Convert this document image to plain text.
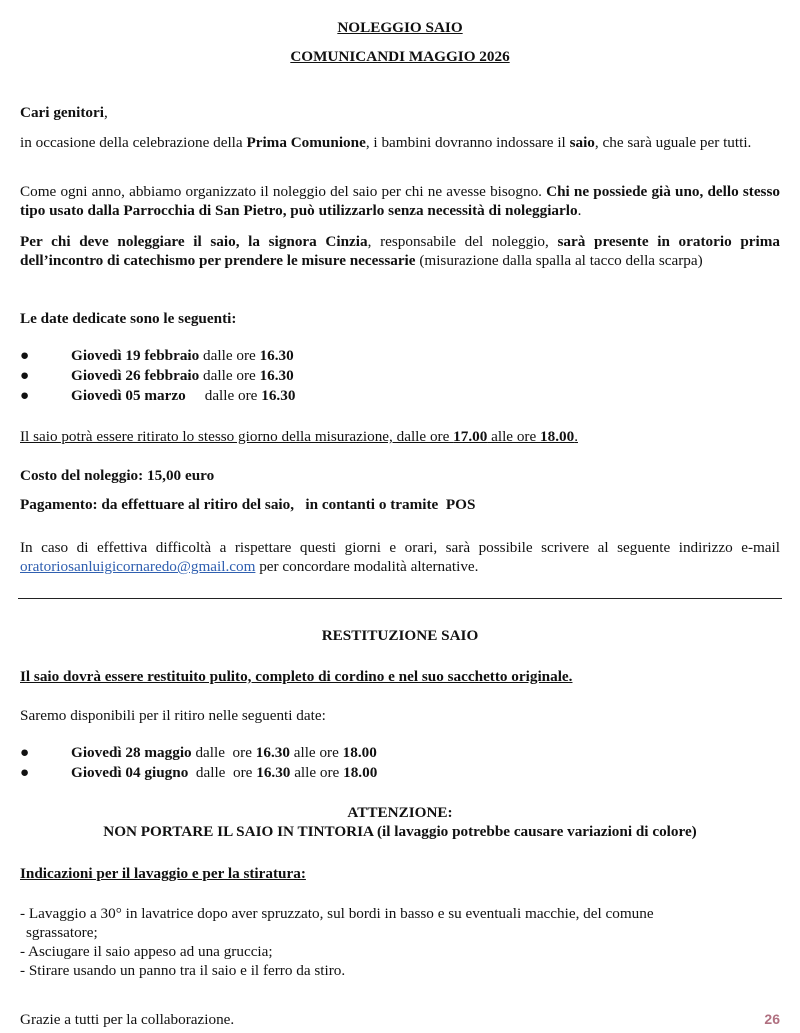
NOLEGGIO SAIO
COMUNICANDI MAGGIO 2026
Cari genitori,
in occasione della celebrazione della Prima Comunione, i bambini dovranno indossare il saio, che sarà uguale per tutti.
Come ogni anno, abbiamo organizzato il noleggio del saio per chi ne avesse bisogno. Chi ne possiede già uno, dello stesso tipo usato dalla Parrocchia di San Pietro, può utilizzarlo senza necessità di noleggiarlo.
Per chi deve noleggiare il saio, la signora Cinzia, responsabile del noleggio, sarà presente in oratorio prima dell’incontro di catechismo per prendere le misure necessarie (misurazione dalla spalla al tacco della scarpa)
Le date dedicate sono le seguenti:
●	Giovedì 19 febbraio dalle ore 16.30
●	Giovedì 26 febbraio dalle ore 16.30
●	Giovedì 05 marzo     dalle ore 16.30
Il saio potrà essere ritirato lo stesso giorno della misurazione, dalle ore 17.00 alle ore 18.00.
Costo del noleggio: 15,00 euro
Pagamento: da effettuare al ritiro del saio,   in contanti o tramite  POS
In caso di effettiva difficoltà a rispettare questi giorni e orari, sarà possibile scrivere al seguente indirizzo e-mail oratoriosanluigicornaredo@gmail.com per concordare modalità alternative.
RESTITUZIONE SAIO
Il saio dovrà essere restituito pulito, completo di cordino e nel suo sacchetto originale.
Saremo disponibili per il ritiro nelle seguenti date:
●	Giovedì 28 maggio dalle  ore 16.30 alle ore 18.00
●	Giovedì 04 giugno  dalle  ore 16.30 alle ore 18.00
ATTENZIONE:
NON PORTARE IL SAIO IN TINTORIA (il lavaggio potrebbe causare variazioni di colore)
Indicazioni per il lavaggio e per la stiratura:
- Lavaggio a 30° in lavatrice dopo aver spruzzato, sul bordi in basso e su eventuali macchie, del comune
sgrassatore;
- Asciugare il saio appeso ad una gruccia;
- Stirare usando un panno tra il saio e il ferro da stiro.
Grazie a tutti per la collaborazione.	26
